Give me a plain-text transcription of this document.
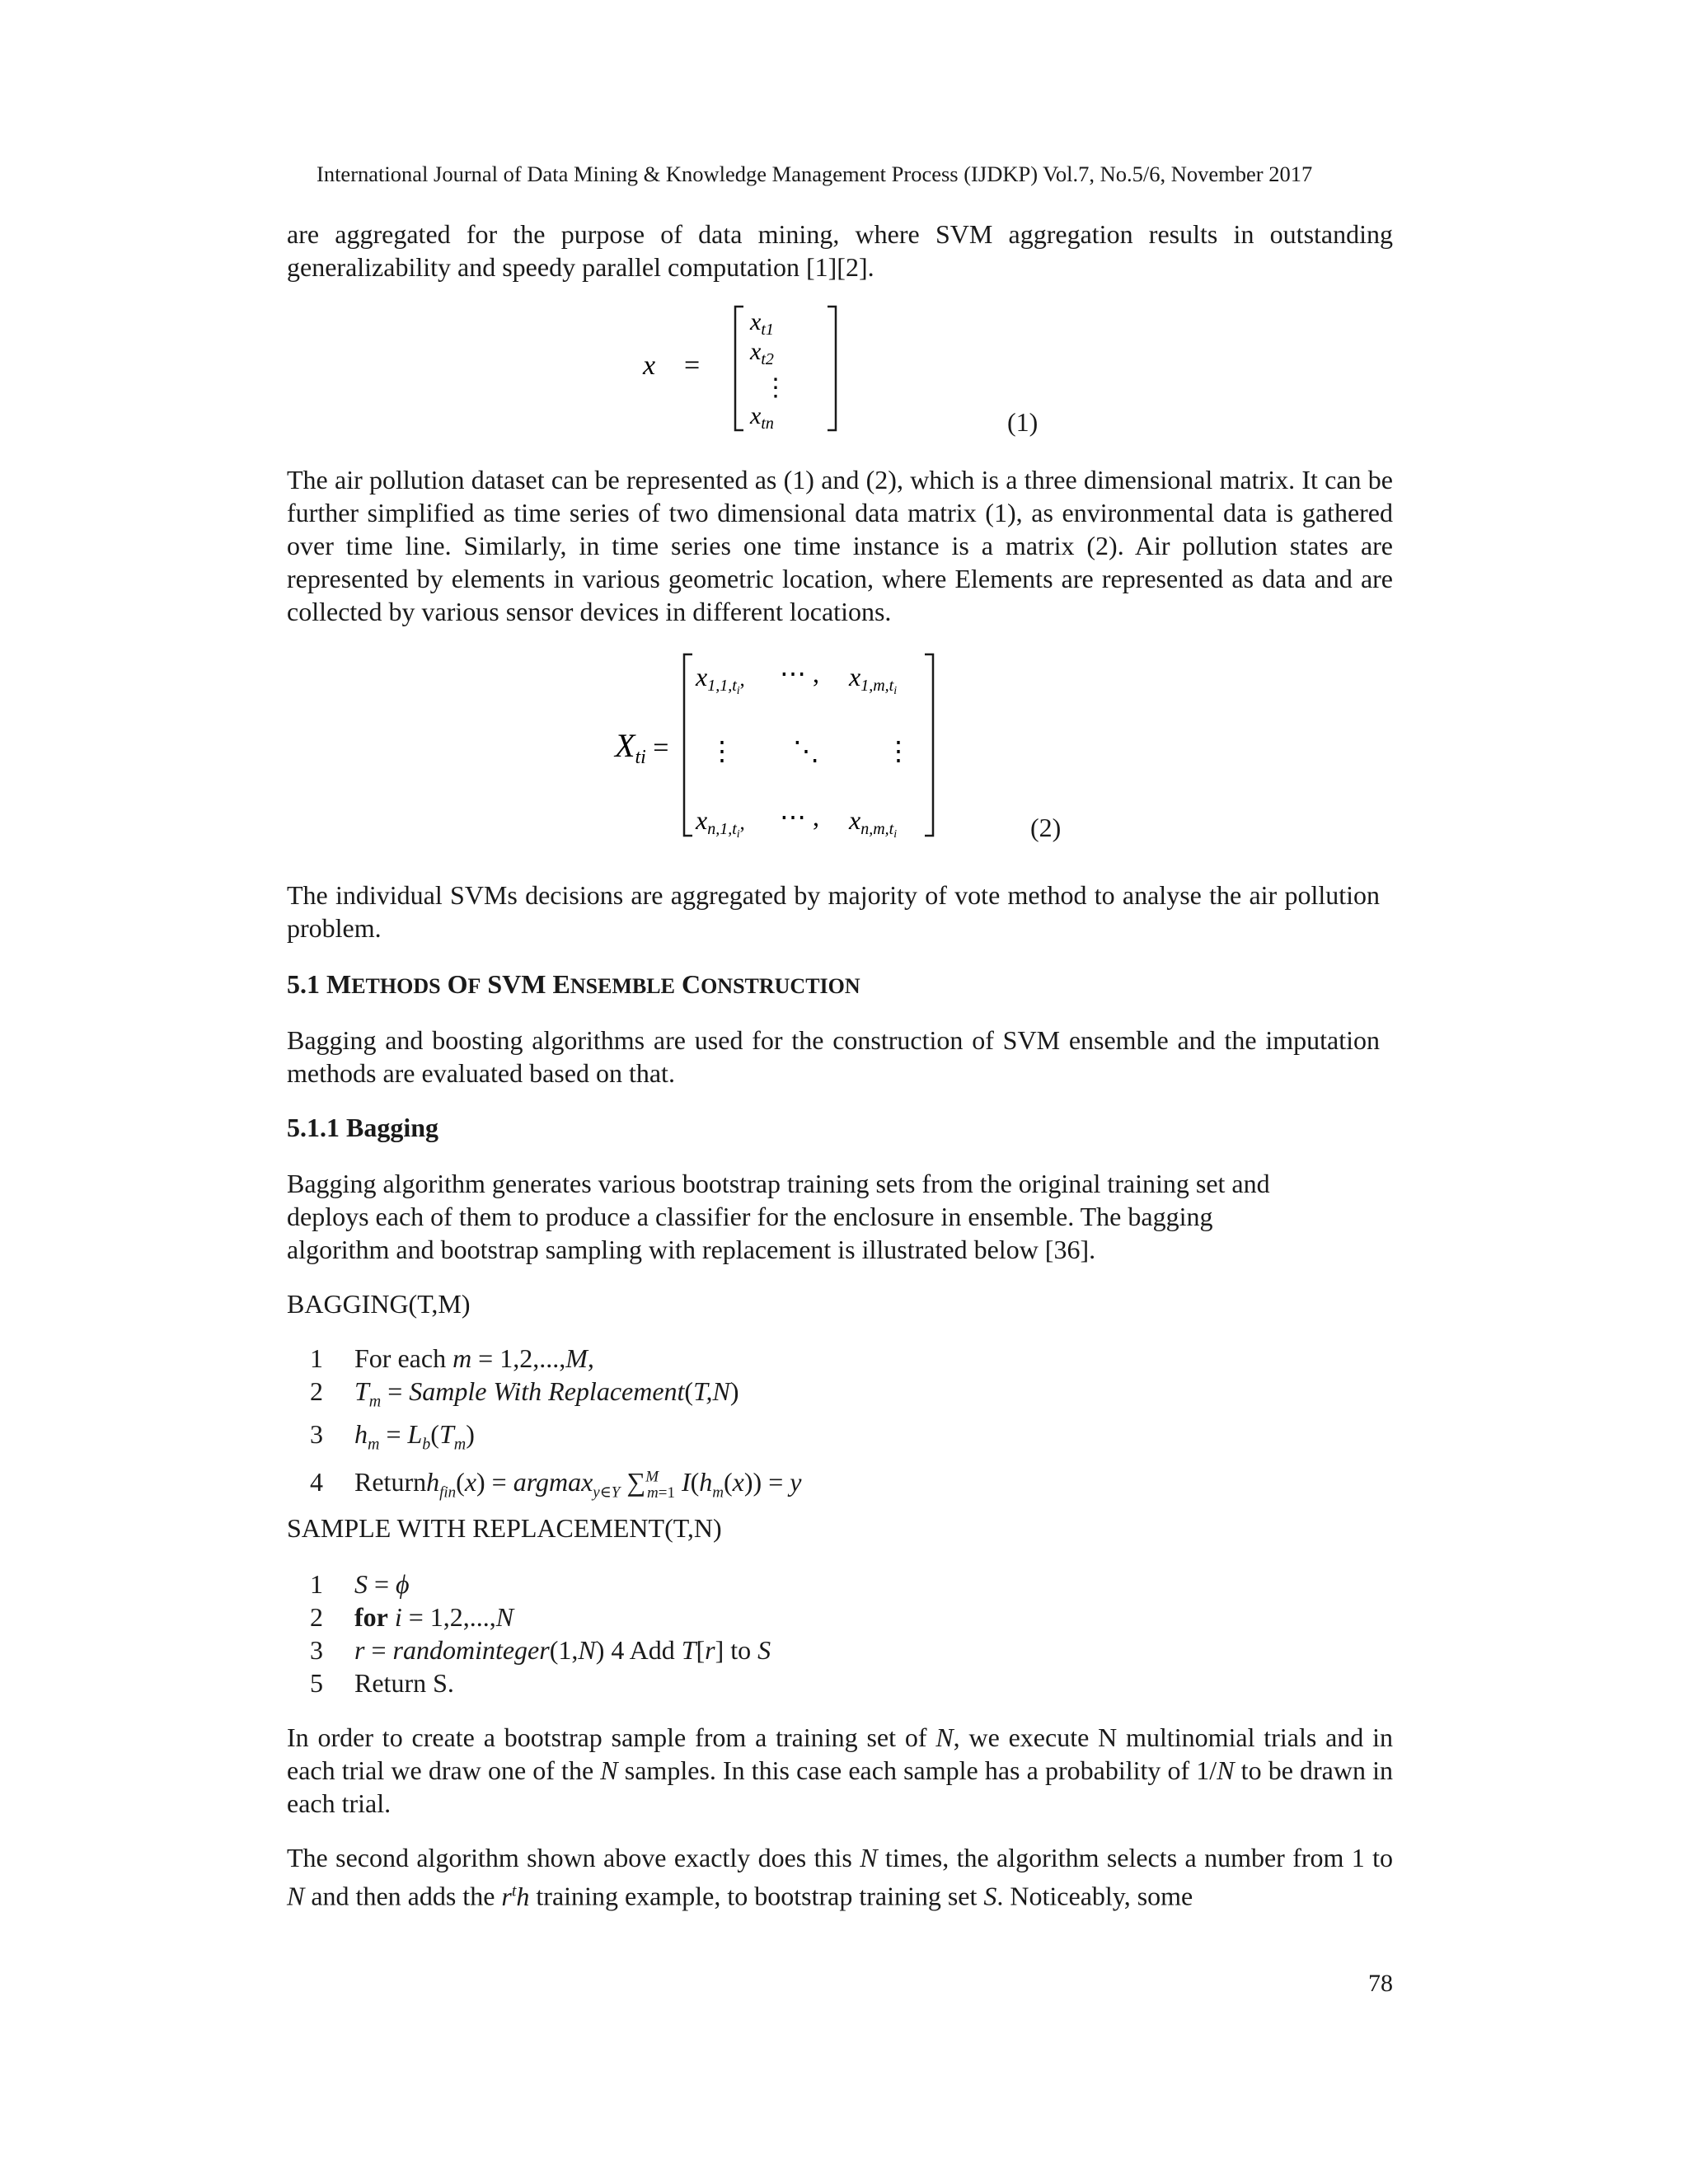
International Journal of Data Mining & Knowledge Management Process (IJDKP) Vol.7, No.5/6, November 2017
are aggregated for the purpose of data mining, where SVM aggregation results in outstanding generalizability and speedy parallel computation [1][2].
x =
$x_{t1}$
$x_{t2}$
⋮
$x_{tn}$	(1)
The air pollution dataset can be represented as (1) and (2), which is a three dimensional matrix. It can be further simplified as time series of two dimensional data matrix (1), as environmental data is gathered over time line. Similarly, in time series one time instance is a matrix (2). Air pollution states are represented by elements in various geometric location, where Elements are represented as data and are collected by various sensor devices in different locations.
$X_{ti}$ =
x1,1,ti, ⋯ , x1,m,ti
⋮ ⋱	⋮
xn,1,ti, ⋯ , xn,m,ti	(2)
The individual SVMs decisions are aggregated by majority of vote method to analyse the air pollution problem.
5.1 METHODS OF SVM ENSEMBLE CONSTRUCTION
Bagging and boosting algorithms are used for the construction of SVM ensemble and the imputation methods are evaluated based on that.
5.1.1 Bagging
Bagging algorithm generates various bootstrap training sets from the original training set and
deploys each of them to produce a classifier for the enclosure in ensemble. The bagging
algorithm and bootstrap sampling with replacement is illustrated below [36].
BAGGING(T,M)
1 For each m = 1,2,...,M,
2 $T_m$ = Sample With Replacement(T,N)
3 $h_m = L_b(T_m)$
4 Returnh$_{fin}$(x) = argmax$_{y\in Y}$ ∑$^M_{m=1}$ $I(h_m(x)) = y$
SAMPLE WITH REPLACEMENT(T,N)
1 S = ϕ
2 for i = 1,2,...,N
3 r = randominteger(1,N) 4 Add T[r] to S
5 Return S.
In order to create a bootstrap sample from a training set of N, we execute N multinomial trials and in each trial we draw one of the N samples. In this case each sample has a probability of 1/N to be drawn in each trial.
The second algorithm shown above exactly does this N times, the algorithm selects a number from 1 to N and then adds the $r^th$ training example, to bootstrap training set S. Noticeably, some
78
